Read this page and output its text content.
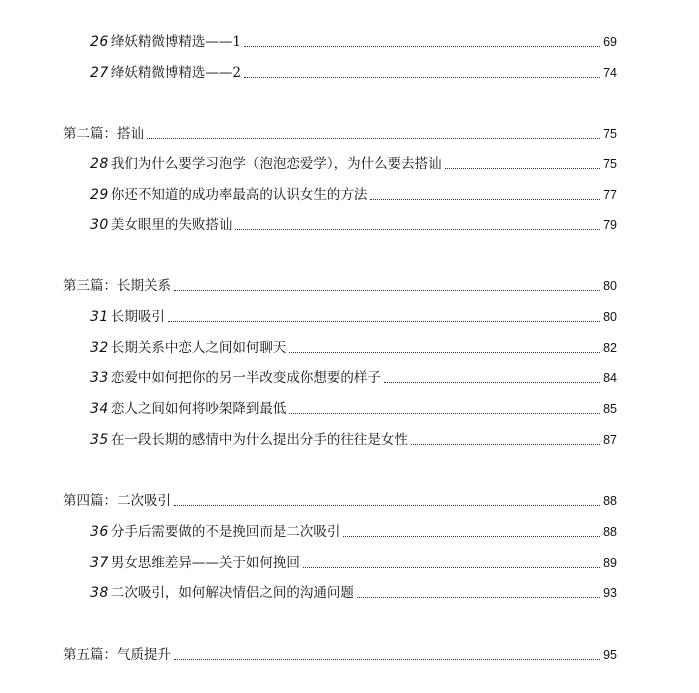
26 绛妖精微博精选——1	69
27 绛妖精微博精选——2	74
第二篇：搭讪	75
28 我们为什么要学习泡学（泡泡恋爱学），为什么要去搭讪	75
29 你还不知道的成功率最高的认识女生的方法	77
30 美女眼里的失败搭讪	79
第三篇：长期关系	80
31 长期吸引	80
32 长期关系中恋人之间如何聊天	82
33 恋爱中如何把你的另一半改变成你想要的样子	84
34 恋人之间如何将吵架降到最低	85
35 在一段长期的感情中为什么提出分手的往往是女性	87
第四篇：二次吸引	88
36 分手后需要做的不是挽回而是二次吸引	88
37 男女思维差异——关于如何挽回	89
38 二次吸引，如何解决情侣之间的沟通问题	93
第五篇：气质提升	95
